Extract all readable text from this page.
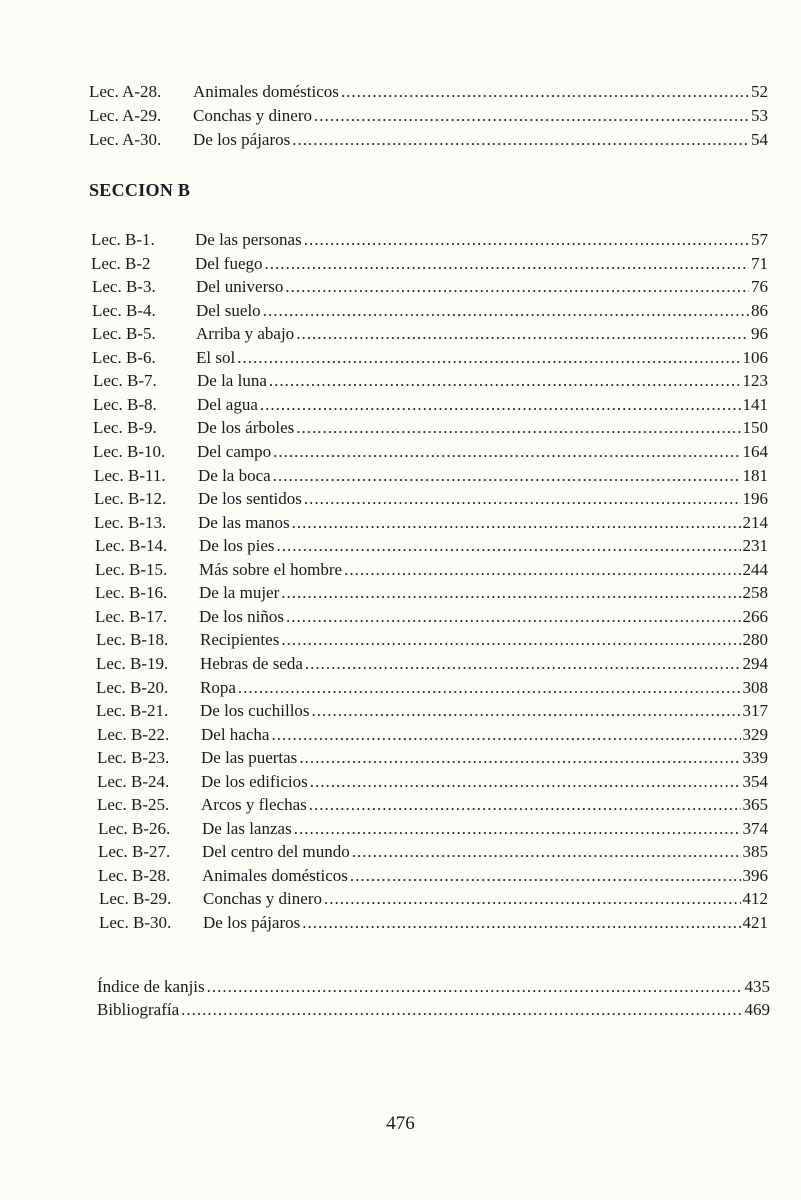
Lec. A-28. Animales domésticos .....	52
Lec. A-29. Conchas y dinero .....	53
Lec. A-30. De los pájaros .....	54
SECCION B
Lec. B-1. De las personas .....	57
Lec. B-2	Del fuego .....	71
Lec. B-3. Del universo .....	76
Lec. B-4. Del suelo .....	86
Lec. B-5. Arriba y abajo .....	96
Lec. B-6. El sol .....	106
Lec. B-7. De la luna .....	123
Lec. B-8. Del agua .....	141
Lec. B-9. De los árboles .....	150
Lec. B-10. Del campo .....	164
Lec. B-11. De la boca .....	181
Lec. B-12. De los sentidos .....	196
Lec. B-13. De las manos .....	214
Lec. B-14. De los pies .....	231
Lec. B-15. Más sobre el hombre .....	244
Lec. B-16. De la mujer .....	258
Lec. B-17. De los niños .....	266
Lec. B-18. Recipientes .....	280
Lec. B-19. Hebras de seda .....	294
Lec. B-20. Ropa .....	308
Lec. B-21. De los cuchillos .....	317
Lec. B-22. Del hacha .....	329
Lec. B-23. De las puertas .....	339
Lec. B-24. De los edificios .....	354
Lec. B-25. Arcos y flechas .....	365
Lec. B-26. De las lanzas .....	374
Lec. B-27. Del centro del mundo .....	385
Lec. B-28. Animales domésticos .....	396
Lec. B-29. Conchas y dinero .....	412
Lec. B-30. De los pájaros .....	421
Índice de kanjis .....	435
Bibliografía .....	469
476
